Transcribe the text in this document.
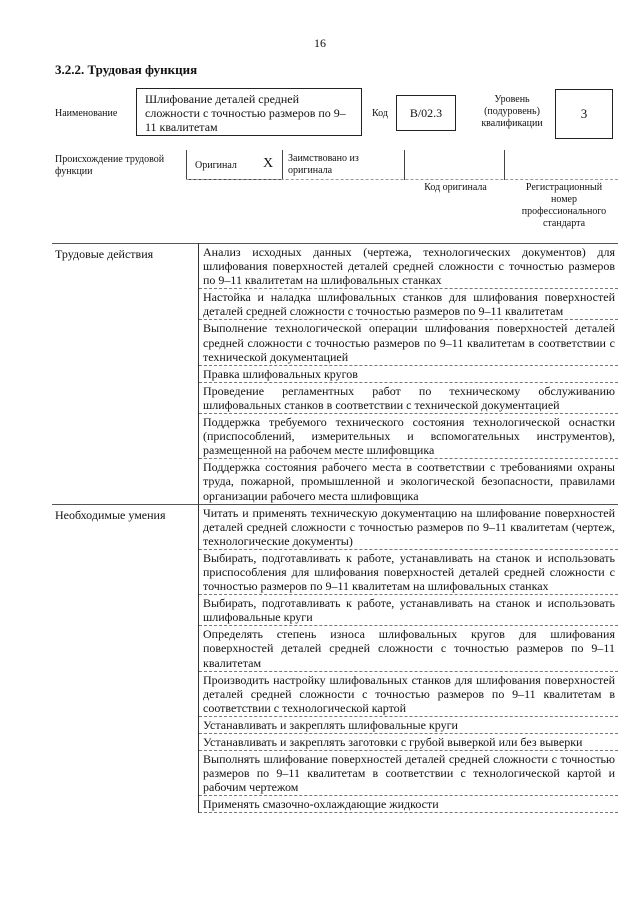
16
3.2.2. Трудовая функция
Наименование
Шлифование деталей средней сложности с точностью размеров по 9–11 квалитетам
Код	B/02.3
Уровень (подуровень) квалификации
3
Происхождение трудовой функции
Оригинал X Заимствовано из оригинала
Код оригинала	Регистрационный номер профессионального стандарта
Трудовые действия	Анализ исходных данных (чертежа, технологических документов) для шлифования поверхностей деталей средней сложности с точностью размеров по 9–11 квалитетам на шлифовальных станках
	Настойка и наладка шлифовальных станков для шлифования поверхностей деталей средней сложности с точностью размеров по 9–11 квалитетам
	Выполнение технологической операции шлифования поверхностей деталей средней сложности с точностью размеров по 9–11 квалитетам в соответствии с технической документацией
	Правка шлифовальных кругов
	Проведение регламентных работ по техническому обслуживанию шлифовальных станков в соответствии с технической документацией
	Поддержка требуемого технического состояния технологической оснастки (приспособлений, измерительных и вспомогательных инструментов), размещенной на рабочем месте шлифовщика
	Поддержка состояния рабочего места в соответствии с требованиями охраны труда, пожарной, промышленной и экологической безопасности, правилами организации рабочего места шлифовщика
Необходимые умения	Читать и применять техническую документацию на шлифование поверхностей деталей средней сложности с точностью размеров по 9–11 квалитетам (чертеж, технологические документы)
	Выбирать, подготавливать к работе, устанавливать на станок и использовать приспособления для шлифования поверхностей деталей средней сложности с точностью размеров по 9–11 квалитетам на шлифовальных станках
	Выбирать, подготавливать к работе, устанавливать на станок и использовать шлифовальные круги
	Определять степень износа шлифовальных кругов для шлифования поверхностей деталей средней сложности с точностью размеров по 9–11 квалитетам
	Производить настройку шлифовальных станков для шлифования поверхностей деталей средней сложности с точностью размеров по 9–11 квалитетам в соответствии с технологической картой
	Устанавливать и закреплять шлифовальные круги
	Устанавливать и закреплять заготовки с грубой выверкой или без выверки
	Выполнять шлифование поверхностей деталей средней сложности с точностью размеров по 9–11 квалитетам в соответствии с технологической картой и рабочим чертежом
	Применять смазочно-охлаждающие жидкости
